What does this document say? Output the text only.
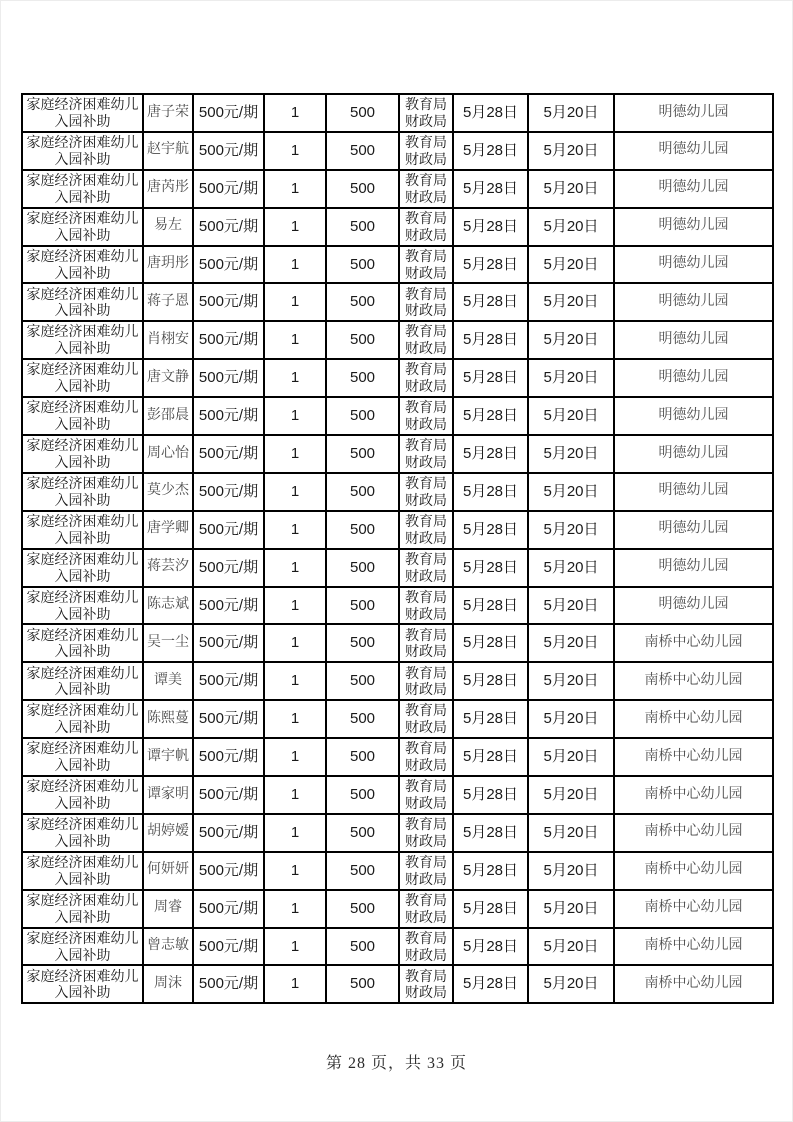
家庭经济困难幼儿入园补助	唐子荣	500元/期	1	500	教育局财政局	5月28日	5月20日	明德幼儿园
家庭经济困难幼儿入园补助	赵宇航	500元/期	1	500	教育局财政局	5月28日	5月20日	明德幼儿园
家庭经济困难幼儿入园补助	唐芮彤	500元/期	1	500	教育局财政局	5月28日	5月20日	明德幼儿园
家庭经济困难幼儿入园补助	易左	500元/期	1	500	教育局财政局	5月28日	5月20日	明德幼儿园
家庭经济困难幼儿入园补助	唐玥彤	500元/期	1	500	教育局财政局	5月28日	5月20日	明德幼儿园
家庭经济困难幼儿入园补助	蒋子恩	500元/期	1	500	教育局财政局	5月28日	5月20日	明德幼儿园
家庭经济困难幼儿入园补助	肖栩安	500元/期	1	500	教育局财政局	5月28日	5月20日	明德幼儿园
家庭经济困难幼儿入园补助	唐文静	500元/期	1	500	教育局财政局	5月28日	5月20日	明德幼儿园
家庭经济困难幼儿入园补助	彭邵晨	500元/期	1	500	教育局财政局	5月28日	5月20日	明德幼儿园
家庭经济困难幼儿入园补助	周心怡	500元/期	1	500	教育局财政局	5月28日	5月20日	明德幼儿园
家庭经济困难幼儿入园补助	莫少杰	500元/期	1	500	教育局财政局	5月28日	5月20日	明德幼儿园
家庭经济困难幼儿入园补助	唐学卿	500元/期	1	500	教育局财政局	5月28日	5月20日	明德幼儿园
家庭经济困难幼儿入园补助	蒋芸汐	500元/期	1	500	教育局财政局	5月28日	5月20日	明德幼儿园
家庭经济困难幼儿入园补助	陈志斌	500元/期	1	500	教育局财政局	5月28日	5月20日	明德幼儿园
家庭经济困难幼儿入园补助	吴一尘	500元/期	1	500	教育局财政局	5月28日	5月20日	南桥中心幼儿园
家庭经济困难幼儿入园补助	谭美	500元/期	1	500	教育局财政局	5月28日	5月20日	南桥中心幼儿园
家庭经济困难幼儿入园补助	陈熙蔓	500元/期	1	500	教育局财政局	5月28日	5月20日	南桥中心幼儿园
家庭经济困难幼儿入园补助	谭宇帆	500元/期	1	500	教育局财政局	5月28日	5月20日	南桥中心幼儿园
家庭经济困难幼儿入园补助	谭家明	500元/期	1	500	教育局财政局	5月28日	5月20日	南桥中心幼儿园
家庭经济困难幼儿入园补助	胡婷嫒	500元/期	1	500	教育局财政局	5月28日	5月20日	南桥中心幼儿园
家庭经济困难幼儿入园补助	何妍妍	500元/期	1	500	教育局财政局	5月28日	5月20日	南桥中心幼儿园
家庭经济困难幼儿入园补助	周睿	500元/期	1	500	教育局财政局	5月28日	5月20日	南桥中心幼儿园
家庭经济困难幼儿入园补助	曾志敏	500元/期	1	500	教育局财政局	5月28日	5月20日	南桥中心幼儿园
家庭经济困难幼儿入园补助	周沫	500元/期	1	500	教育局财政局	5月28日	5月20日	南桥中心幼儿园
第 28 页，共 33 页
